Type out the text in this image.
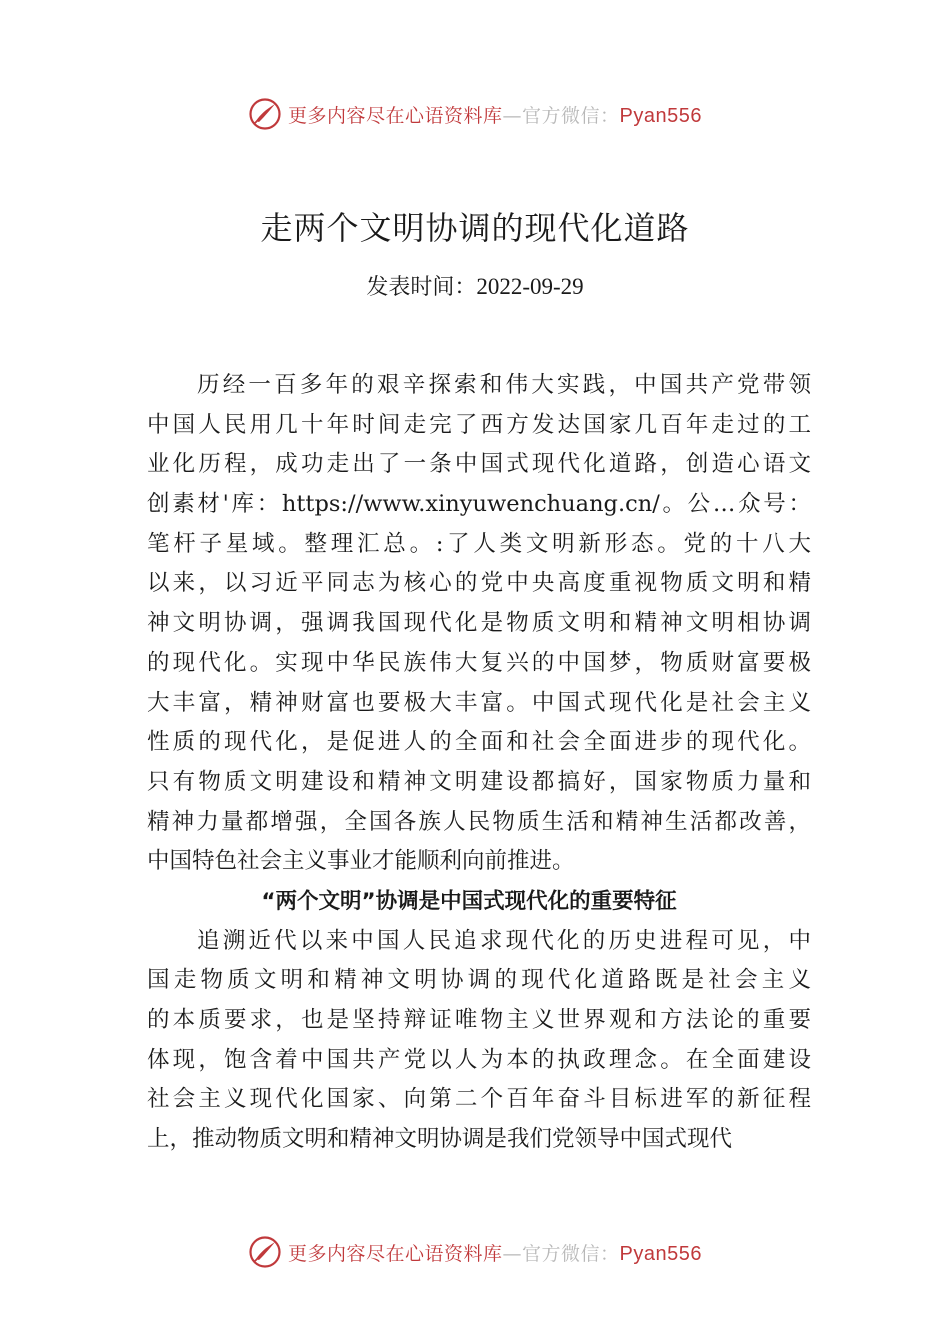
更多内容尽在心语资料库—官方微信：Pyan556
走两个文明协调的现代化道路
发表时间：2022-09-29
历经一百多年的艰辛探索和伟大实践，中国共产党带领
中国人民用几十年时间走完了西方发达国家几百年走过的工
业化历程，成功走出了一条中国式现代化道路，创造心语文
创素材'库：https://www.xinyuwenchuang.cn/。公…众号：
笔杆子星域。整理汇总。:了人类文明新形态。党的十八大
以来，以习近平同志为核心的党中央高度重视物质文明和精
神文明协调，强调我国现代化是物质文明和精神文明相协调
的现代化。实现中华民族伟大复兴的中国梦，物质财富要极
大丰富，精神财富也要极大丰富。中国式现代化是社会主义
性质的现代化，是促进人的全面和社会全面进步的现代化。
只有物质文明建设和精神文明建设都搞好，国家物质力量和
精神力量都增强，全国各族人民物质生活和精神生活都改善，
中国特色社会主义事业才能顺利向前推进。
“两个文明”协调是中国式现代化的重要特征
追溯近代以来中国人民追求现代化的历史进程可见，中
国走物质文明和精神文明协调的现代化道路既是社会主义
的本质要求，也是坚持辩证唯物主义世界观和方法论的重要
体现，饱含着中国共产党以人为本的执政理念。在全面建设
社会主义现代化国家、向第二个百年奋斗目标进军的新征程
上，推动物质文明和精神文明协调是我们党领导中国式现代
更多内容尽在心语资料库—官方微信：Pyan556
